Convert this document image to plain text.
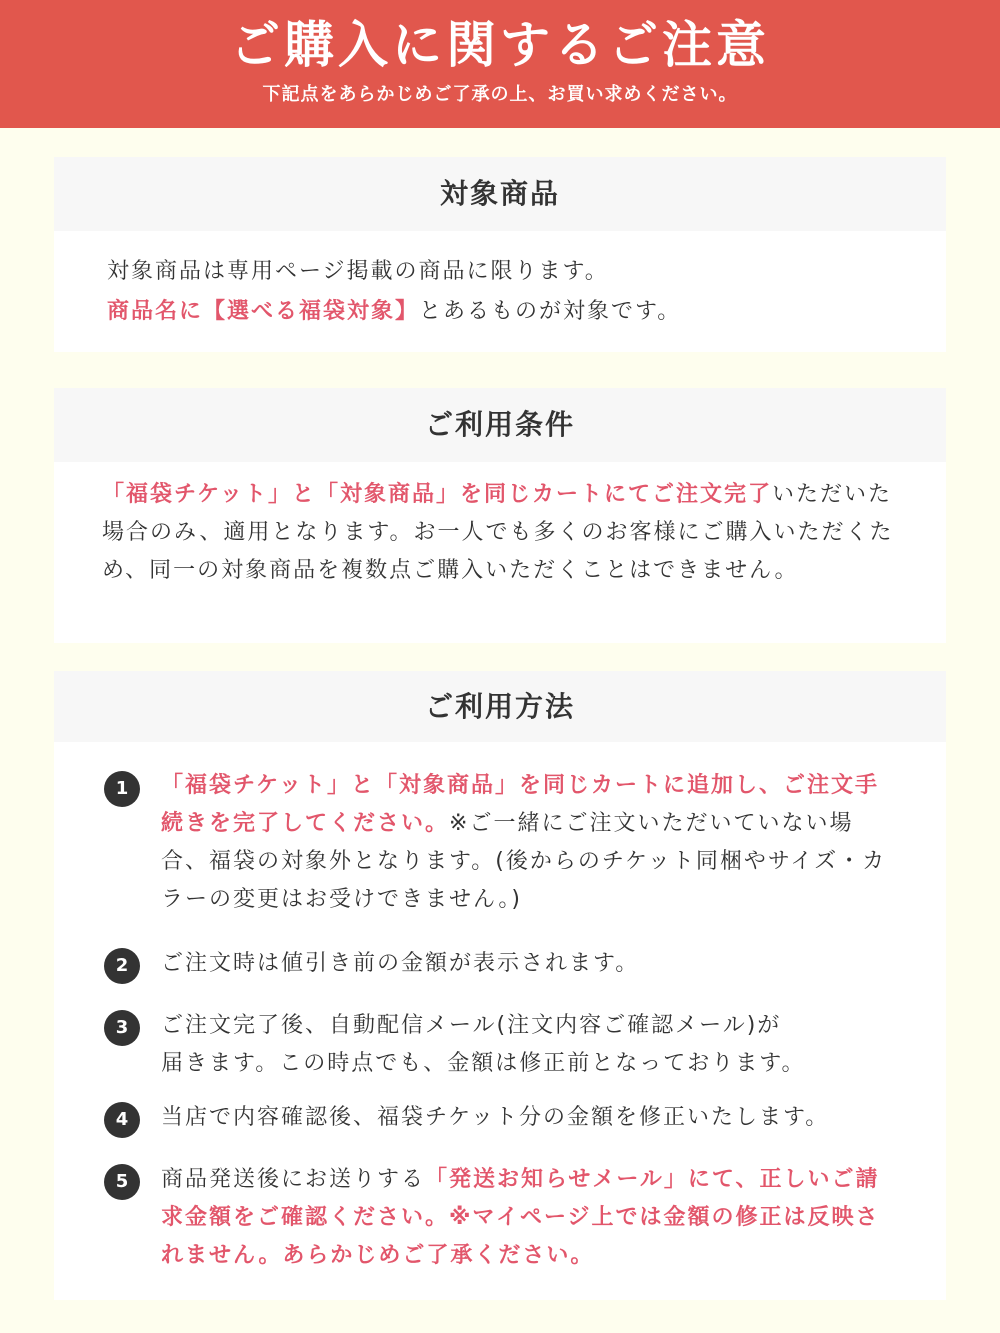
ご購入に関するご注意
下記点をあらかじめご了承の上、お買い求めください。
対象商品
対象商品は専用ページ掲載の商品に限ります。
商品名に【選べる福袋対象】とあるものが対象です。
ご利用条件
「福袋チケット」と「対象商品」を同じカートにてご注文完了いただいた場合のみ、適用となります。お一人でも多くのお客様にご購入いただくため、同一の対象商品を複数点ご購入いただくことはできません。
ご利用方法
1	「福袋チケット」と「対象商品」を同じカートに追加し、ご注文手続きを完了してください。※ご一緒にご注文いただいていない場合、福袋の対象外となります。(後からのチケット同梱やサイズ・カラーの変更はお受けできません。)
2	ご注文時は値引き前の金額が表示されます。
3	ご注文完了後、自動配信メール(注文内容ご確認メール)が
届きます。この時点でも、金額は修正前となっております。
4	当店で内容確認後、福袋チケット分の金額を修正いたします。
5	商品発送後にお送りする「発送お知らせメール」にて、正しいご請求金額をご確認ください。※マイページ上では金額の修正は反映されません。あらかじめご了承ください。
